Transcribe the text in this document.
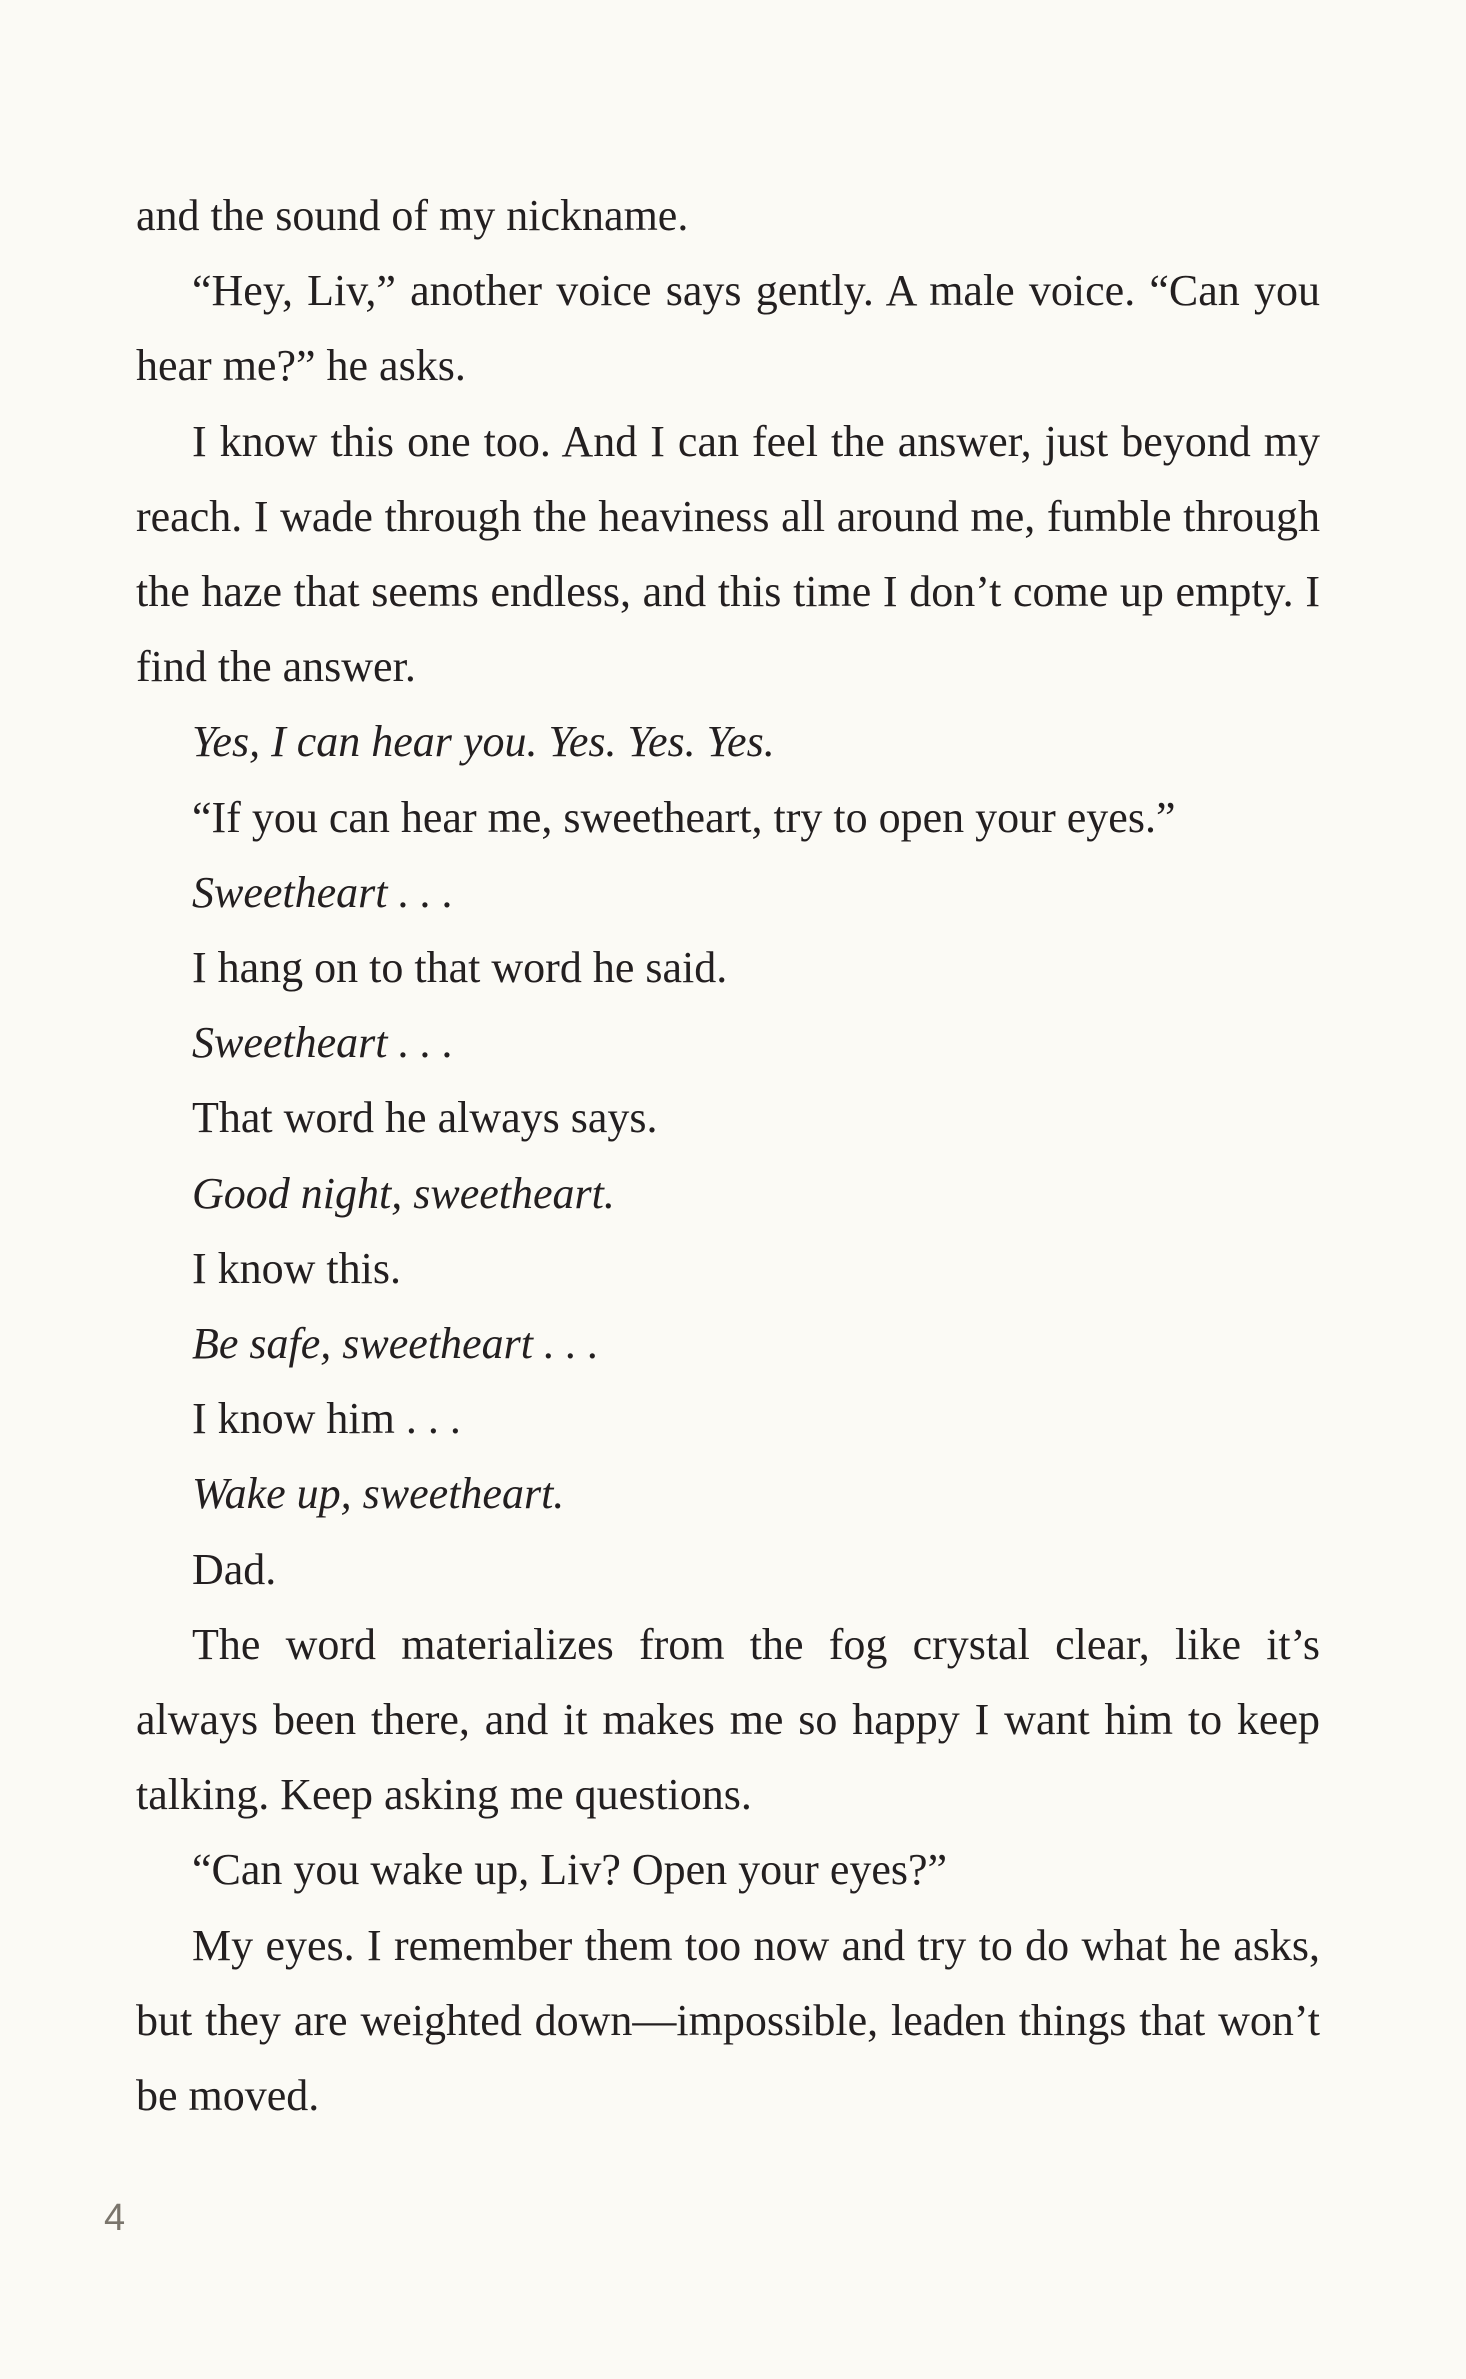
and the sound of my nickname.

“Hey, Liv,” another voice says gently. A male voice. “Can you hear me?” he asks.

I know this one too. And I can feel the answer, just beyond my reach. I wade through the heaviness all around me, fumble through the haze that seems endless, and this time I don’t come up empty. I find the answer.

Yes, I can hear you. Yes. Yes. Yes.

“If you can hear me, sweetheart, try to open your eyes.”

Sweetheart . . .

I hang on to that word he said.

Sweetheart . . .

That word he always says.

Good night, sweetheart.

I know this.

Be safe, sweetheart . . .

I know him . . .

Wake up, sweetheart.

Dad.

The word materializes from the fog crystal clear, like it’s always been there, and it makes me so happy I want him to keep talking. Keep asking me questions.

“Can you wake up, Liv? Open your eyes?”

My eyes. I remember them too now and try to do what he asks, but they are weighted down—impossible, leaden things that won’t be moved.

4
